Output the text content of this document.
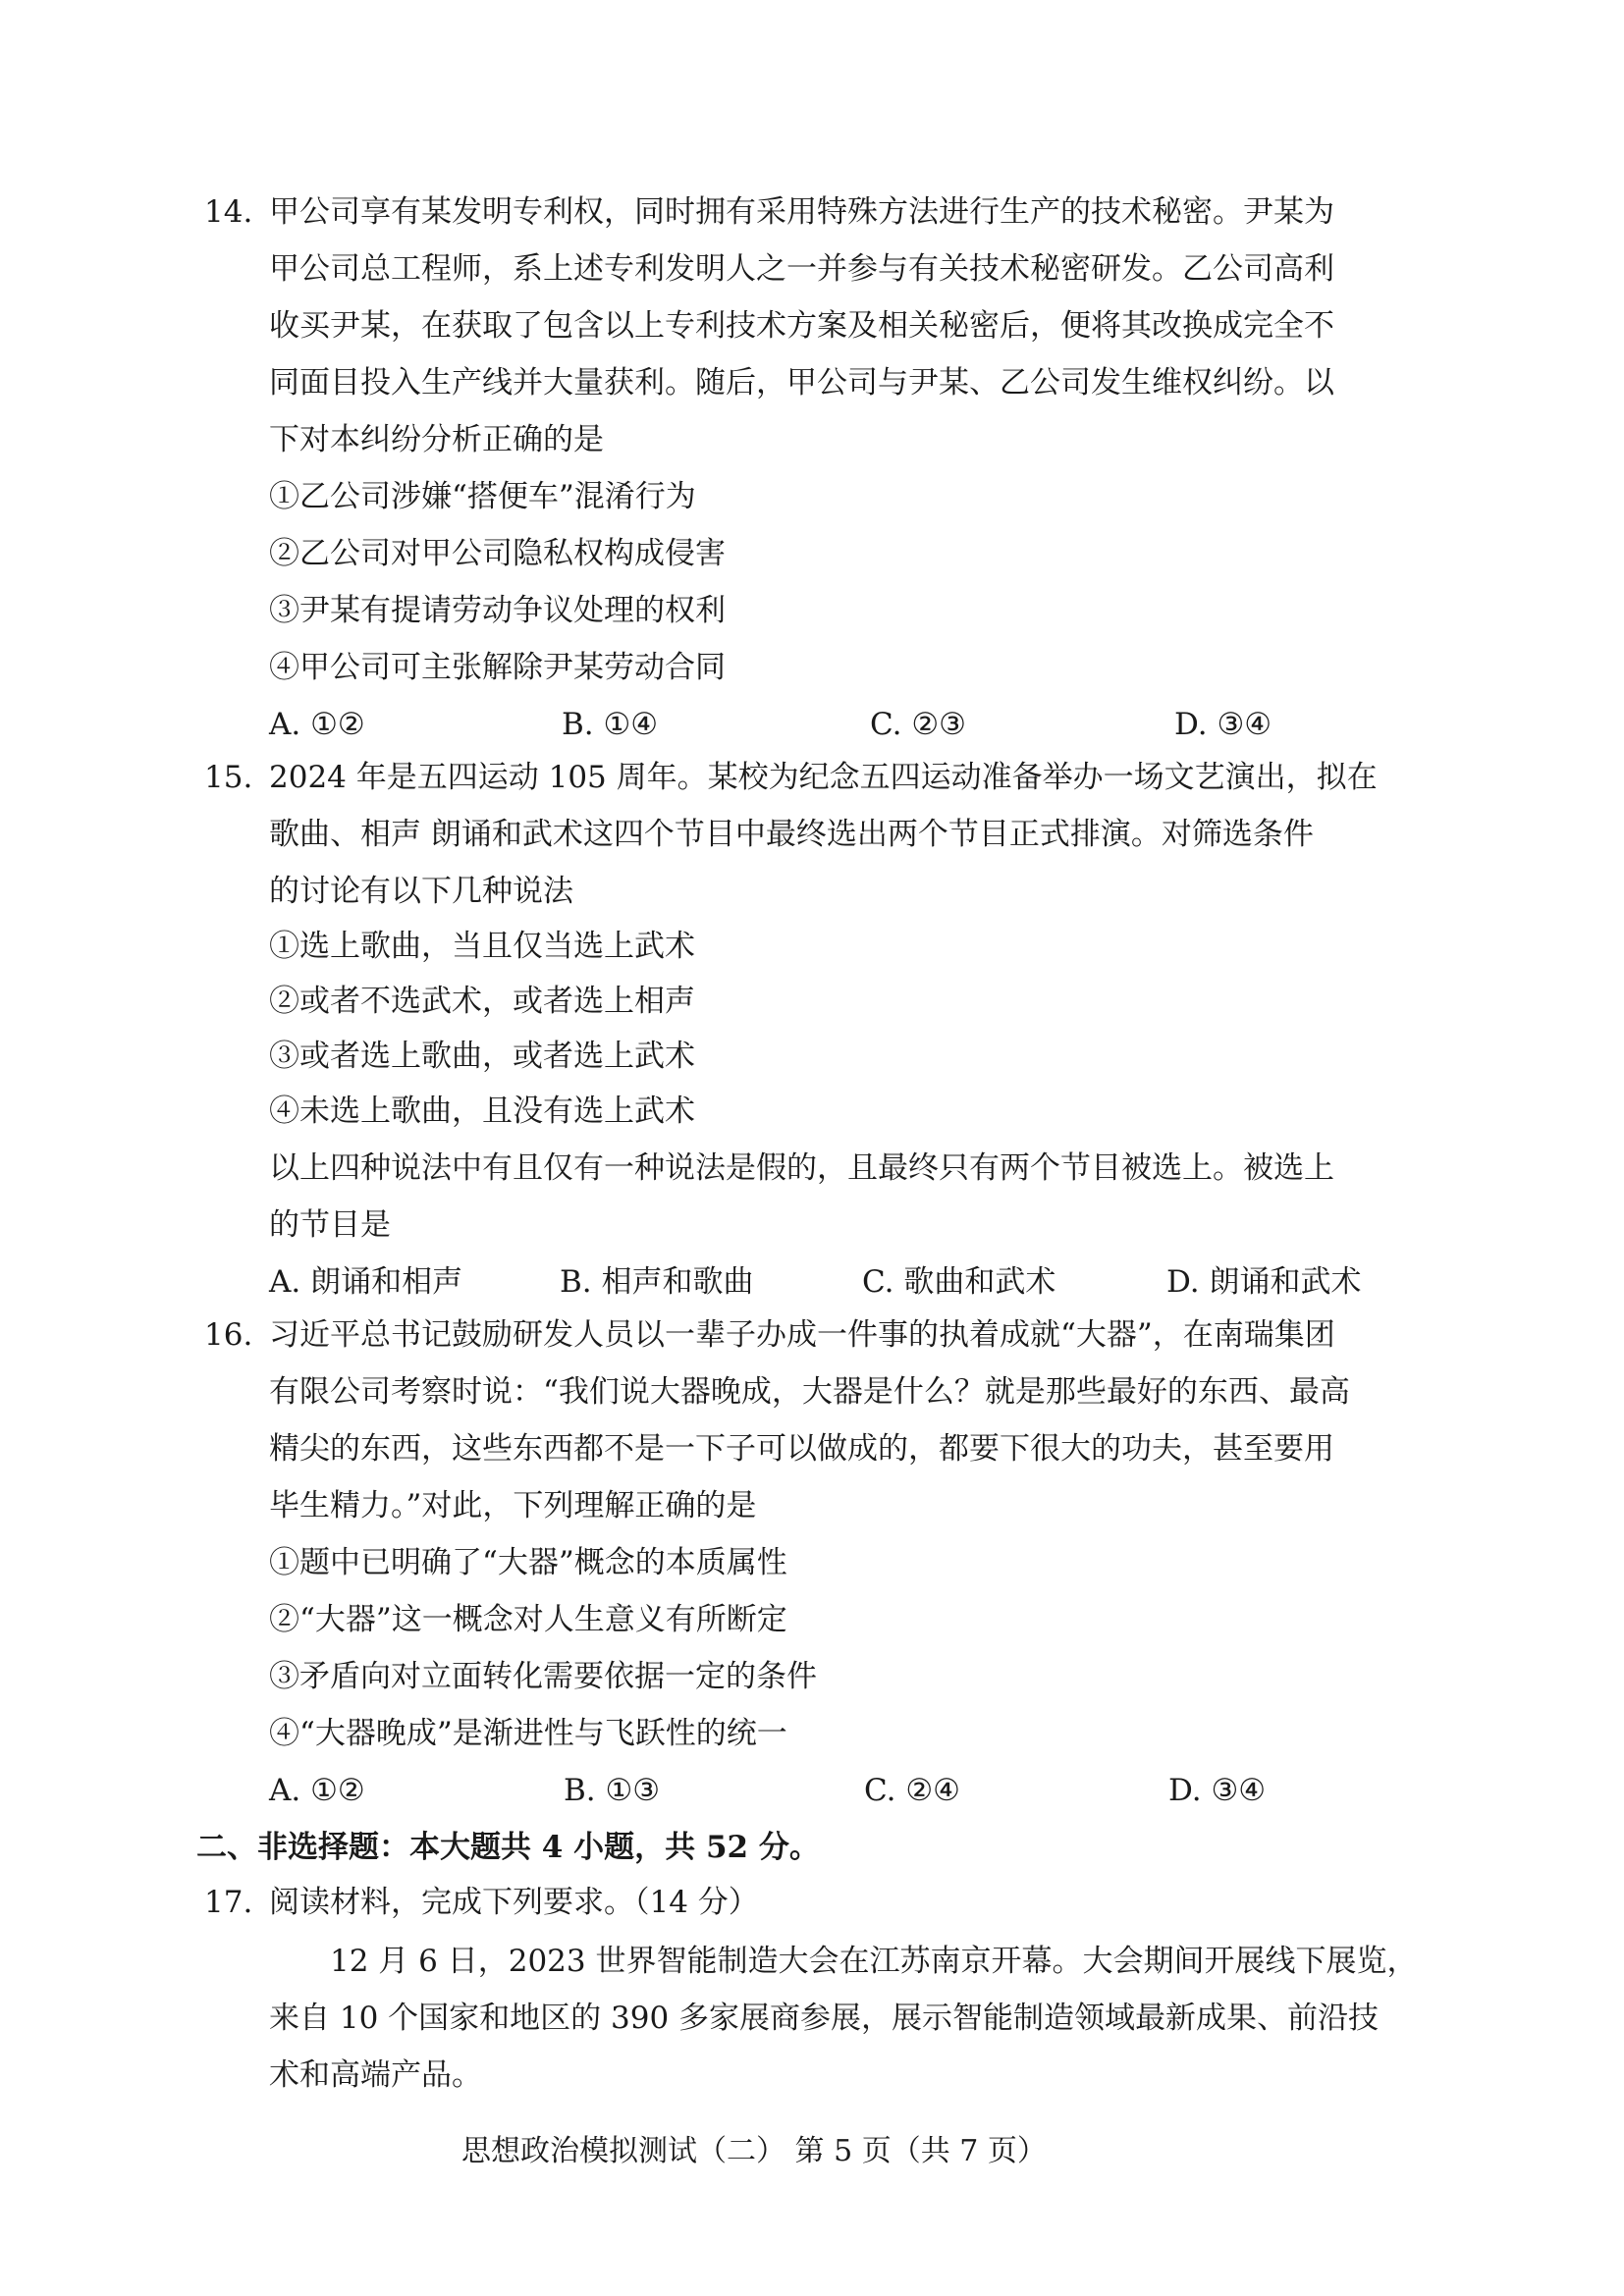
14. 甲公司享有某发明专利权，同时拥有采用特殊方法进行生产的技术秘密。尹某为
甲公司总工程师，系上述专利发明人之一并参与有关技术秘密研发。乙公司高利
收买尹某，在获取了包含以上专利技术方案及相关秘密后，便将其改换成完全不
同面目投入生产线并大量获利。随后，甲公司与尹某、乙公司发生维权纠纷。以
下对本纠纷分析正确的是
①乙公司涉嫌“搭便车”混淆行为
②乙公司对甲公司隐私权构成侵害
③尹某有提请劳动争议处理的权利
④甲公司可主张解除尹某劳动合同
A. ①②	B. ①④	C. ②③	D. ③④
15. 2024 年是五四运动 105 周年。某校为纪念五四运动准备举办一场文艺演出，拟在
歌曲、相声 朗诵和武术这四个节目中最终选出两个节目正式排演。对筛选条件
的讨论有以下几种说法
①选上歌曲，当且仅当选上武术
②或者不选武术，或者选上相声
③或者选上歌曲，或者选上武术
④未选上歌曲，且没有选上武术
以上四种说法中有且仅有一种说法是假的，且最终只有两个节目被选上。被选上
的节目是
A. 朗诵和相声	B. 相声和歌曲	C. 歌曲和武术	D. 朗诵和武术
16. 习近平总书记鼓励研发人员以一辈子办成一件事的执着成就“大器”，在南瑞集团
有限公司考察时说：“我们说大器晚成，大器是什么？就是那些最好的东西、最高
精尖的东西，这些东西都不是一下子可以做成的，都要下很大的功夫，甚至要用
毕生精力。”对此，下列理解正确的是
①题中已明确了“大器”概念的本质属性
②“大器”这一概念对人生意义有所断定
③矛盾向对立面转化需要依据一定的条件
④“大器晚成”是渐进性与飞跃性的统一
A. ①②	B. ①③	C. ②④	D. ③④
二、非选择题：本大题共 4 小题，共 52 分。
17. 阅读材料，完成下列要求。（14 分）
12 月 6 日，2023 世界智能制造大会在江苏南京开幕。大会期间开展线下展览，
来自 10 个国家和地区的 390 多家展商参展，展示智能制造领域最新成果、前沿技
术和高端产品。
思想政治模拟测试（二） 第 5 页（共 7 页）
